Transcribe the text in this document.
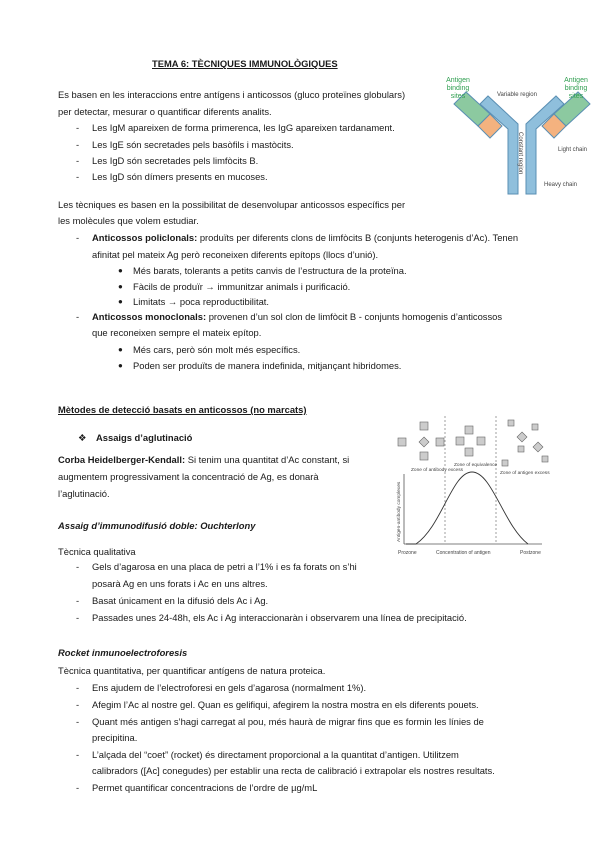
TEMA 6: TÈCNIQUES IMMUNOLÒGIQUES
Es basen en les interaccions entre antígens i anticossos (gluco proteïnes globulars)
per detectar, mesurar o quantificar diferents analits.
- Les IgM apareixen de forma primerenca, les IgG apareixen tardanament.
- Les IgE són secretades pels basòfils i mastòcits.
- Les IgD són secretades pels limfòcits B.
- Les IgD són dímers presents en mucoses.
Variable region
Constant region	Light chain
Heavy chain
Antigen binding sites
Antigen binding sites
Les tècniques es basen en la possibilitat de desenvolupar anticossos específics per
les molècules que volem estudiar.
- Anticossos policlonals: produïts per diferents clons de limfòcits B (conjunts heterogenis d’Ac). Tenen
afinitat pel mateix Ag però reconeixen diferents epítops (llocs d’unió).
● Més barats, tolerants a petits canvis de l’estructura de la proteïna.
● Fàcils de produïr → immunitzar animals i purificació.
● Limitats → poca reproductibilitat.
- Anticossos monoclonals: provenen d’un sol clon de limfòcit B - conjunts homogenis d’anticossos
que reconeixen sempre el mateix epítop.
● Més cars, però són molt més específics.
● Poden ser produïts de manera indefinida, mitjançant hibridomes.
Mètodes de detecció basats en anticossos (no marcats)
❖ Assaigs d’aglutinació
Corba Heidelberger-Kendall: Si tenim una quantitat d’Ac constant, si
augmentem progressivament la concentració de Ag, es donarà
l’aglutinació.
Zone of antibody excess
Zone of equivalence
Zone of antigen excess
Prozone	Concentration of antigen	Postzone
Antigen-antibody complexes
Assaig d’immunodifusió doble: Ouchterlony
Tècnica qualitativa
- Gels d’agarosa en una placa de petri a l’1% i es fa forats on s’hi
posarà Ag en uns forats i Ac en uns altres.
- Basat únicament en la difusió dels Ac i Ag.
- Passades unes 24-48h, els Ac i Ag interaccionaràn i observarem una línea de precipitació.
Rocket inmunoelectroforesis
Tècnica quantitativa, per quantificar antígens de natura proteica.
- Ens ajudem de l’electroforesi en gels d’agarosa (normalment 1%).
- Afegim l’Ac al nostre gel. Quan es gelifiqui, afegirem la nostra mostra en els diferents pouets.
- Quant més antigen s’hagi carregat al pou, més haurà de migrar fins que es formin les línies de
precipitina.
- L’alçada del “coet” (rocket) és directament proporcional a la quantitat d’antigen. Utilitzem
calibradors ([Ac] conegudes) per establir una recta de calibració i extrapolar els nostres resultats.
- Permet quantificar concentracions de l’ordre de µg/mL
